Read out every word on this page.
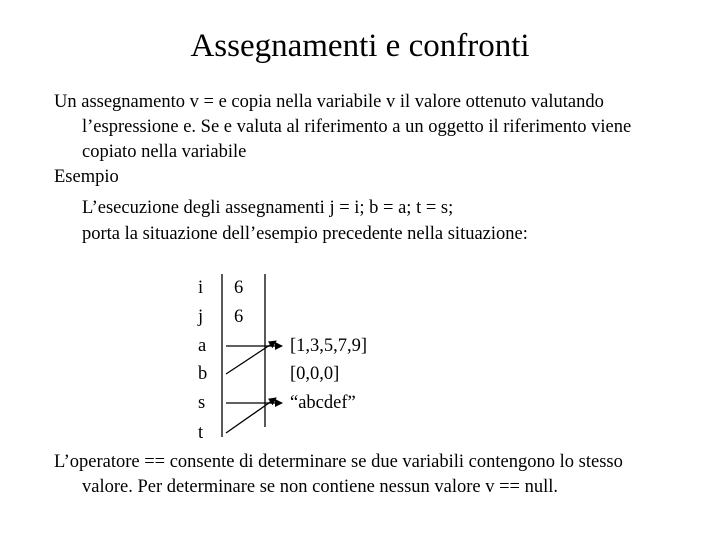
Assegnamenti e confronti
Un assegnamento v = e copia nella variabile v il valore ottenuto valutando
l’espressione e. Se e valuta al riferimento a un oggetto il riferimento viene
copiato nella variabile
Esempio
L’esecuzione degli assegnamenti j = i; b = a; t = s;
porta la situazione dell’esempio precedente nella situazione:
i
j
a
b
s
t
6
6
[1,3,5,7,9]
[0,0,0]
“abcdef”
L’operatore == consente di determinare se due variabili contengono lo stesso
valore. Per determinare se non contiene nessun valore v == null.
